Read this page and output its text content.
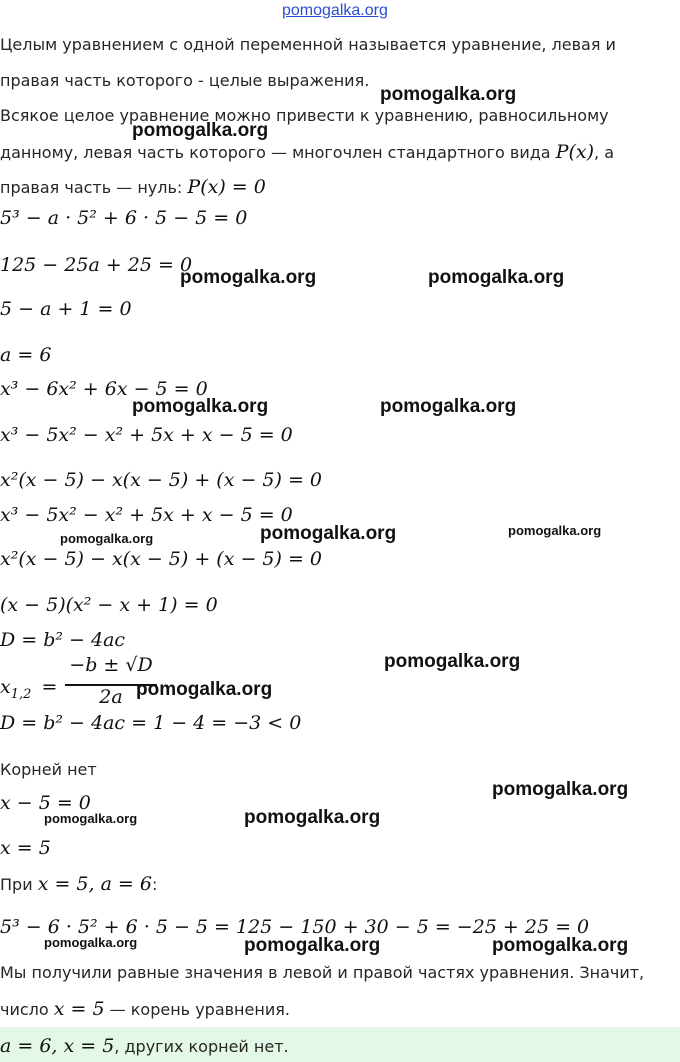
pomogalka.org
Целым уравнением с одной переменной называется уравнение, левая и
правая часть которого - целые выражения.
Всякое целое уравнение можно привести к уравнению, равносильному
данному, левая часть которого — многочлен стандартного вида P(x), а
правая часть — нуль: P(x) = 0
5³ − a · 5² + 6 · 5 − 5 = 0
125 − 25a + 25 = 0
5 − a + 1 = 0
a = 6
x³ − 6x² + 6x − 5 = 0
x³ − 5x² − x² + 5x + x − 5 = 0
x²(x − 5) − x(x − 5) + (x − 5) = 0
x³ − 5x² − x² + 5x + x − 5 = 0
x²(x − 5) − x(x − 5) + (x − 5) = 0
(x − 5)(x² − x + 1) = 0
D = b² − 4ac
$x_{1,2}$ =
−b ± √D
2a
D = b² − 4ac = 1 − 4 = −3 < 0
Корней нет
x − 5 = 0
x = 5
При x = 5, a = 6:
5³ − 6 · 5² + 6 · 5 − 5 = 125 − 150 + 30 − 5 = −25 + 25 = 0
Мы получили равные значения в левой и правой частях уравнения. Значит,
число x = 5 — корень уравнения.
a = 6, x = 5, других корней нет.
pomogalka.org
pomogalka.org
pomogalka.org	pomogalka.org
pomogalka.org	pomogalka.org
pomogalka.org	pomogalka.org	pomogalka.org
pomogalka.org
pomogalka.org
pomogalka.org
pomogalka.org	pomogalka.org
pomogalka.org	pomogalka.org	pomogalka.org
